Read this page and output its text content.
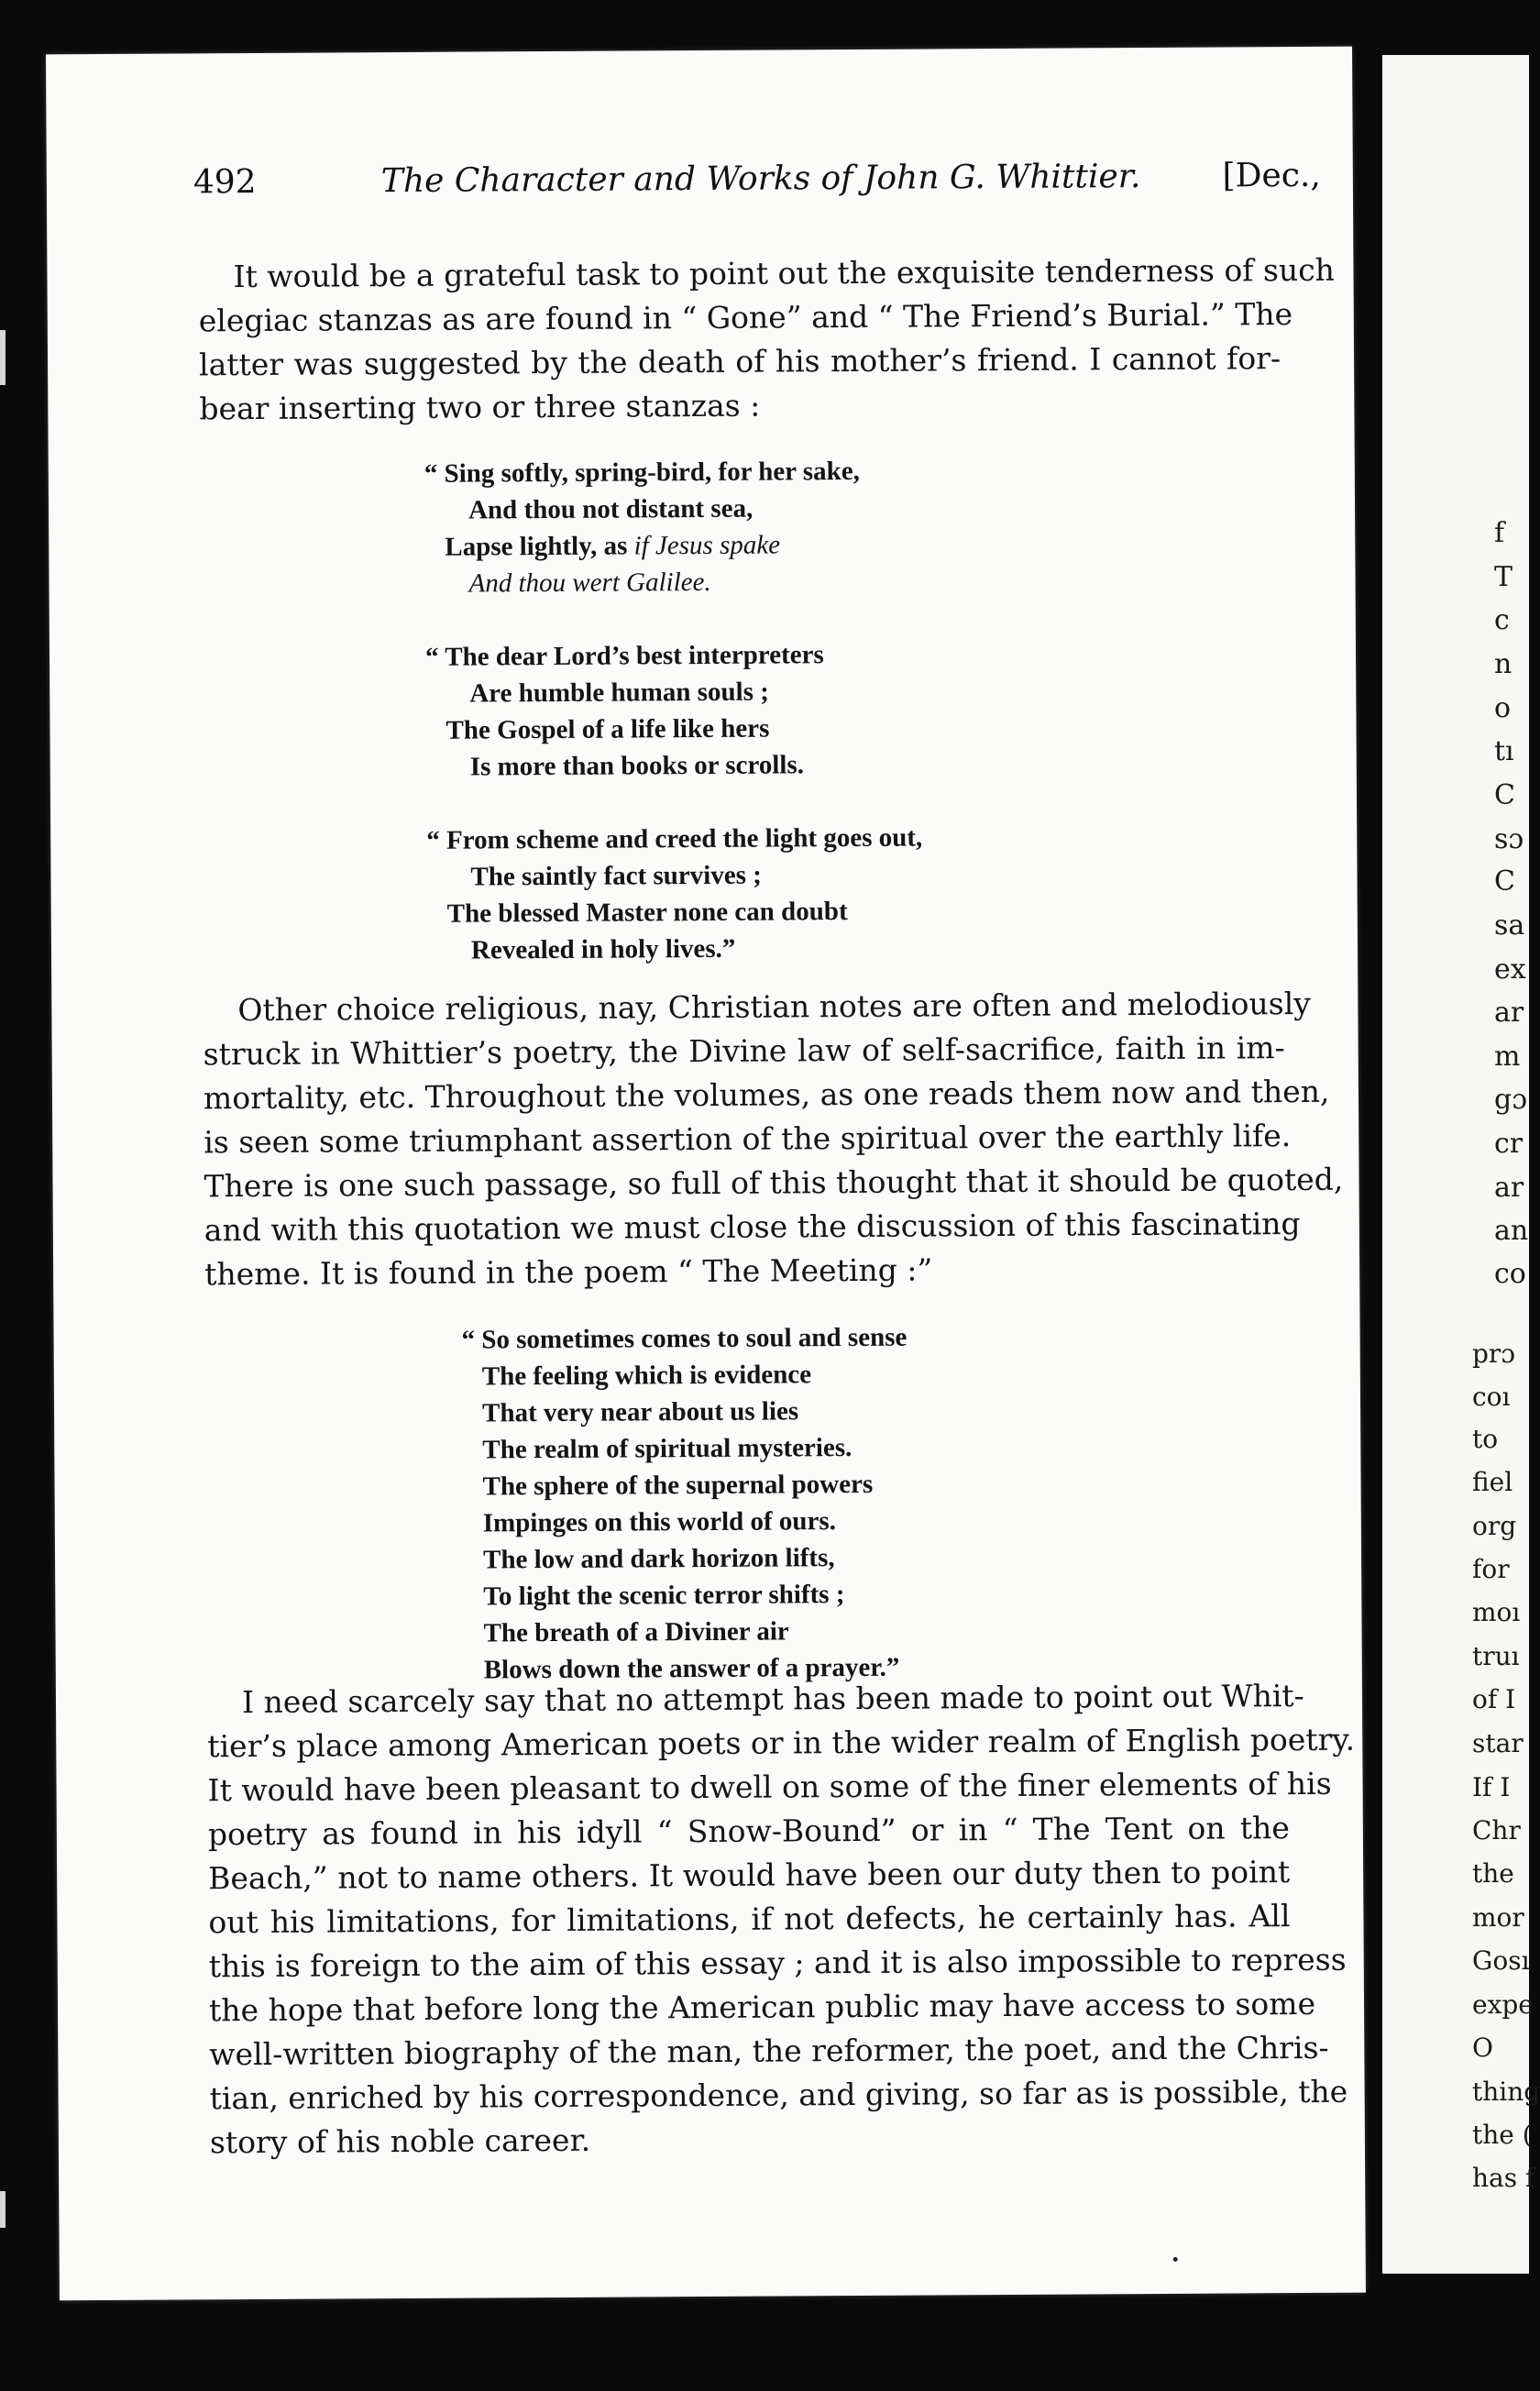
f
T
c
n
o
tı
C
sɔ
C
sa
eх
ar
m
gɔ
cr
ar
an
co
prɔ
coı
to
fiel
org
for
moı
truı
of I
star
If I
Chr
the
mor
Gosı
expe
O
thinɡ
the (
has f
492	The Character and Works of John G. Whittier. [Dec.,
It would be a grateful task to point out the exquisite tenderness of such
elegiac stanzas as are found in “ Gone” and “ The Friend’s Burial.” The
latter was suggested by the death of his mother’s friend. I cannot for-
bear inserting two or three stanzas :
“ Sing softly, spring-bird, for her sake,
And thou not distant sea,
Lapse lightly, as if Jesus spake
And thou wert Galilee.
“ The dear Lord’s best interpreters
Are humble human souls ;
The Gospel of a life like hers
Is more than books or scrolls.
“ From scheme and creed the light goes out,
The saintly fact survives ;
The blessed Master none can doubt
Revealed in holy lives.”
Other choice religious, nay, Christian notes are often and melodiously
struck in Whittier’s poetry, the Divine law of self-sacrifice, faith in im-
mortality, etc. Throughout the volumes, as one reads them now and then,
is seen some triumphant assertion of the spiritual over the earthly life.
There is one such passage, so full of this thought that it should be quoted,
and with this quotation we must close the discussion of this fascinating
theme. It is found in the poem “ The Meeting :”
“ So sometimes comes to soul and sense
The feeling which is evidence
That very near about us lies
The realm of spiritual mysteries.
The sphere of the supernal powers
Impinges on this world of ours.
The low and dark horizon lifts,
To light the scenic terror shifts ;
The breath of a Diviner air
Blows down the answer of a prayer.”
I need scarcely say that no attempt has been made to point out Whit-
tier’s place among American poets or in the wider realm of English poetry.
It would have been pleasant to dwell on some of the finer elements of his
poetry as found in his idyll “ Snow-Bound” or in “ The Tent on the
Beach,” not to name others. It would have been our duty then to point
out his limitations, for limitations, if not defects, he certainly has. All
this is foreign to the aim of this essay ; and it is also impossible to repress
the hope that before long the American public may have access to some
well-written biography of the man, the reformer, the poet, and the Chris-
tian, enriched by his correspondence, and giving, so far as is possible, the
story of his noble career.
